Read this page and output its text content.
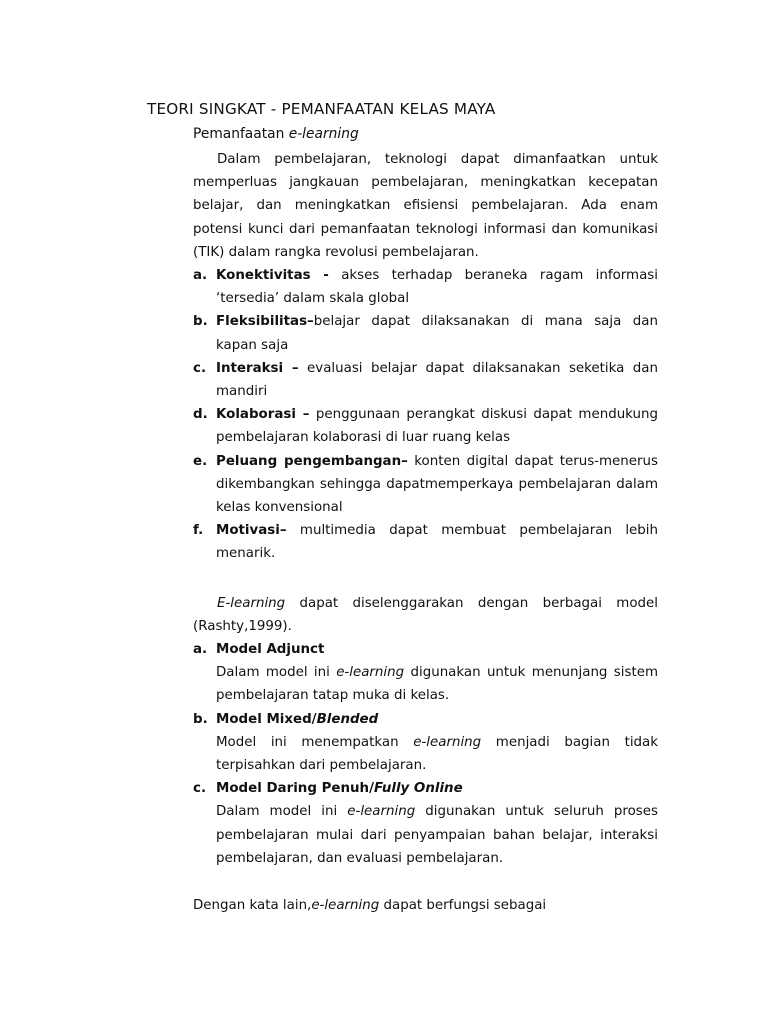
TEORI SINGKAT - PEMANFAATAN KELAS MAYA
Pemanfaatan e-learning
Dalam pembelajaran, teknologi dapat dimanfaatkan untuk memperluas jangkauan pembelajaran, meningkatkan kecepatan belajar, dan meningkatkan efisiensi pembelajaran. Ada enam potensi kunci dari pemanfaatan teknologi informasi dan komunikasi (TIK) dalam rangka revolusi pembelajaran.
a. Konektivitas - akses terhadap beraneka ragam informasi ‘tersedia’ dalam skala global
b. Fleksibilitas–belajar dapat dilaksanakan di mana saja dan kapan saja
c. Interaksi – evaluasi belajar dapat dilaksanakan seketika dan mandiri
d. Kolaborasi – penggunaan perangkat diskusi dapat mendukung pembelajaran kolaborasi di luar ruang kelas
e. Peluang pengembangan– konten digital dapat terus-menerus dikembangkan sehingga dapatmemperkaya pembelajaran dalam kelas konvensional
f. Motivasi– multimedia dapat membuat pembelajaran lebih menarik.
E-learning dapat diselenggarakan dengan berbagai model (Rashty,1999).
a. Model Adjunct
Dalam model ini e-learning digunakan untuk menunjang sistem pembelajaran tatap muka di kelas.
b. Model Mixed/Blended
Model ini menempatkan e-learning menjadi bagian tidak terpisahkan dari pembelajaran.
c. Model Daring Penuh/Fully Online
Dalam model ini e-learning digunakan untuk seluruh proses pembelajaran mulai dari penyampaian bahan belajar, interaksi pembelajaran, dan evaluasi pembelajaran.
Dengan kata lain,e-learning dapat berfungsi sebagai
